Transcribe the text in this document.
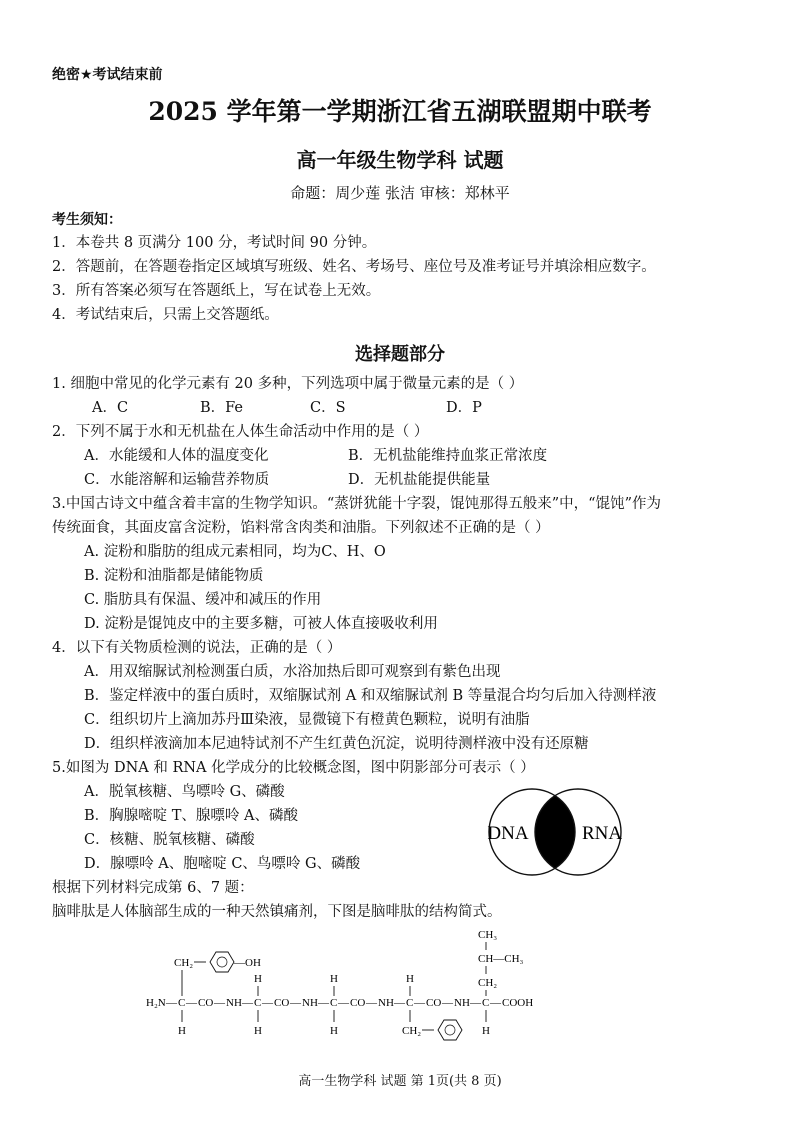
绝密★考试结束前
2025 学年第一学期浙江省五湖联盟期中联考
高一年级生物学科 试题
命题：周少莲 张洁 审核：郑林平
考生须知：
1．本卷共 8 页满分 100 分，考试时间 90 分钟。
2．答题前，在答题卷指定区域填写班级、姓名、考场号、座位号及准考证号并填涂相应数字。
3．所有答案必须写在答题纸上，写在试卷上无效。
4．考试结束后，只需上交答题纸。
选择题部分
1. 细胞中常见的化学元素有 20 多种，下列选项中属于微量元素的是（ ）
A．C	B．Fe	C．S	D．P
2．下列不属于水和无机盐在人体生命活动中作用的是（ ）
A．水能缓和人体的温度变化	B．无机盐能维持血浆正常浓度
C．水能溶解和运输营养物质	D．无机盐能提供能量
3.中国古诗文中蕴含着丰富的生物学知识。“蒸饼犹能十字裂，馄饨那得五般来”中，“馄饨”作为
传统面食，其面皮富含淀粉，馅料常含肉类和油脂。下列叙述不正确的是（ ）
A. 淀粉和脂肪的组成元素相同，均为C、H、O
B. 淀粉和油脂都是储能物质
C. 脂肪具有保温、缓冲和减压的作用
D. 淀粉是馄饨皮中的主要多糖，可被人体直接吸收利用
4．以下有关物质检测的说法，正确的是（ ）
A．用双缩脲试剂检测蛋白质，水浴加热后即可观察到有紫色出现
B．鉴定样液中的蛋白质时，双缩脲试剂 A 和双缩脲试剂 B 等量混合均匀后加入待测样液
C．组织切片上滴加苏丹Ⅲ染液，显微镜下有橙黄色颗粒，说明有油脂
D．组织样液滴加本尼迪特试剂不产生红黄色沉淀，说明待测样液中没有还原糖
5.如图为 DNA 和 RNA 化学成分的比较概念图，图中阴影部分可表示（ ）
A．脱氧核糖、鸟嘌呤 G、磷酸
B．胸腺嘧啶 T、腺嘌呤 A、磷酸
C．核糖、脱氧核糖、磷酸
D．腺嘌呤 A、胞嘧啶 C、鸟嘌呤 G、磷酸
DNA	RNA
根据下列材料完成第 6、7 题：
脑啡肽是人体脑部生成的一种天然镇痛剂，下图是脑啡肽的结构简式。
H₂N — C — CO — NH — C — CO — NH — C — CO — NH — C — CO — NH — C — COOH
CH₂	—OH
H
H
H
H
H
H
CH₂
CH₃
CH—CH₃
CH₂
H
高一生物学科 试题 第 1页(共 8 页)
